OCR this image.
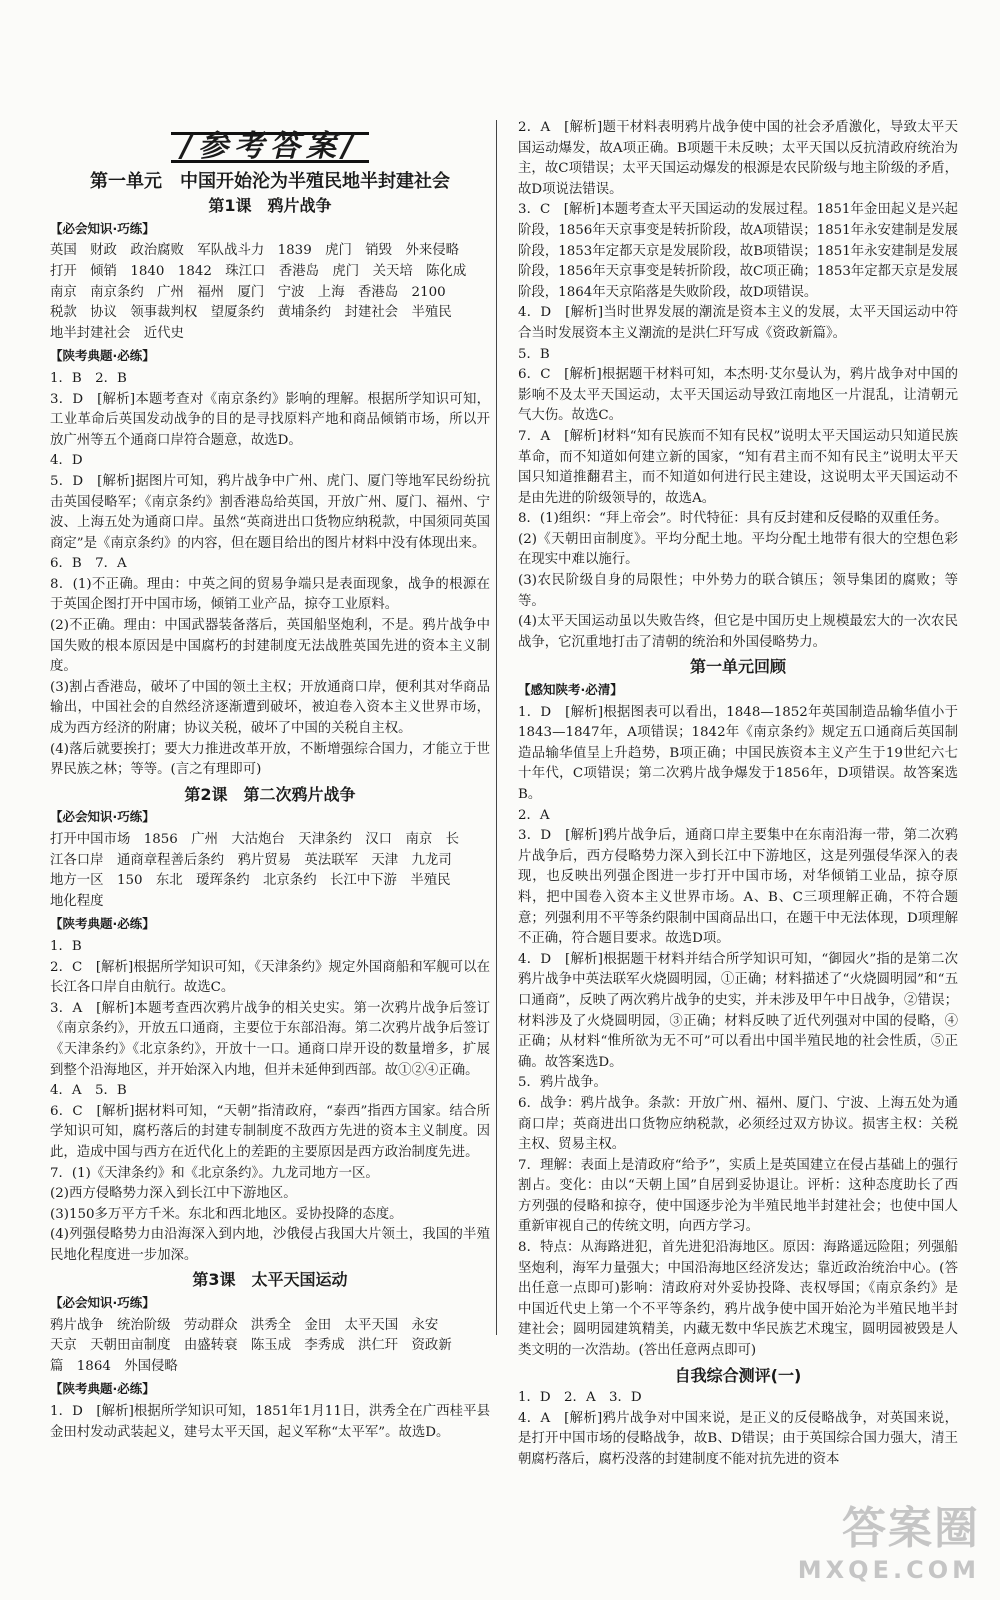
/参考答案/
第一单元　中国开始沦为半殖民地半封建社会
第1课　鸦片战争
【必会知识·巧练】

英国　财政　政治腐败　军队战斗力　1839　虎门　销毁　外来侵略

打开　倾销　1840　1842　珠江口　香港岛　虎门　关天培　陈化成

南京　南京条约　广州　福州　厦门　宁波　上海　香港岛　2100

税款　协议　领事裁判权　望厦条约　黄埔条约　封建社会　半殖民

地半封建社会　近代史

【陕考典题·必练】

1．B　2．B

3．D　[解析]本题考查对《南京条约》影响的理解。根据所学知识可知，工业革命后英国发动战争的目的是寻找原料产地和商品倾销市场，所以开放广州等五个通商口岸符合题意，故选D。

4．D

5．D　[解析]据图片可知，鸦片战争中广州、虎门、厦门等地军民纷纷抗击英国侵略军；《南京条约》割香港岛给英国，开放广州、厦门、福州、宁波、上海五处为通商口岸。虽然“英商进出口货物应纳税款，中国须同英国商定”是《南京条约》的内容，但在题目给出的图片材料中没有体现出来。

6．B　7．A

8．(1)不正确。理由：中英之间的贸易争端只是表面现象，战争的根源在于英国企图打开中国市场，倾销工业产品，掠夺工业原料。

(2)不正确。理由：中国武器装备落后，英国船坚炮利，不是。鸦片战争中国失败的根本原因是中国腐朽的封建制度无法战胜英国先进的资本主义制度。

(3)割占香港岛，破坏了中国的领土主权；开放通商口岸，便利其对华商品输出，中国社会的自然经济逐渐遭到破坏，被迫卷入资本主义世界市场，成为西方经济的附庸；协议关税，破坏了中国的关税自主权。

(4)落后就要挨打；要大力推进改革开放，不断增强综合国力，才能立于世界民族之林；等等。(言之有理即可)

第2课　第二次鸦片战争
【必会知识·巧练】

打开中国市场　1856　广州　大沽炮台　天津条约　汉口　南京　长

江各口岸　通商章程善后条约　鸦片贸易　英法联军　天津　九龙司

地方一区　150　东北　瑷珲条约　北京条约　长江中下游　半殖民

地化程度

【陕考典题·必练】

1．B

2．C　[解析]根据所学知识可知，《天津条约》规定外国商船和军舰可以在长江各口岸自由航行。故选C。

3．A　[解析]本题考查西次鸦片战争的相关史实。第一次鸦片战争后签订《南京条约》，开放五口通商，主要位于东部沿海。第二次鸦片战争后签订《天津条约》《北京条约》，开放十一口。通商口岸开设的数量增多，扩展到整个沿海地区，并开始深入内地，但并未延伸到西部。故①②④正确。

4．A　5．B

6．C　[解析]据材料可知，“天朝”指清政府，“泰西”指西方国家。结合所学知识可知，腐朽落后的封建专制制度不敌西方先进的资本主义制度。因此，造成中国与西方在近代化上的差距的主要原因是西方政治制度先进。

7．(1)《天津条约》和《北京条约》。九龙司地方一区。

(2)西方侵略势力深入到长江中下游地区。

(3)150多万平方千米。东北和西北地区。妥协投降的态度。

(4)列强侵略势力由沿海深入到内地，沙俄侵占我国大片领土，我国的半殖民地化程度进一步加深。

第3课　太平天国运动
【必会知识·巧练】

鸦片战争　统治阶级　劳动群众　洪秀全　金田　太平天国　永安

天京　天朝田亩制度　由盛转衰　陈玉成　李秀成　洪仁玕　资政新

篇　1864　外国侵略

【陕考典题·必练】

1．D　[解析]根据所学知识可知，1851年1月11日，洪秀全在广西桂平县金田村发动武装起义，建号太平天国，起义军称“太平军”。故选D。

2．A　[解析]题干材料表明鸦片战争使中国的社会矛盾激化，导致太平天国运动爆发，故A项正确。B项题干未反映；太平天国以反抗清政府统治为主，故C项错误；太平天国运动爆发的根源是农民阶级与地主阶级的矛盾，故D项说法错误。

3．C　[解析]本题考查太平天国运动的发展过程。1851年金田起义是兴起阶段，1856年天京事变是转折阶段，故A项错误；1851年永安建制是发展阶段，1853年定都天京是发展阶段，故B项错误；1851年永安建制是发展阶段，1856年天京事变是转折阶段，故C项正确；1853年定都天京是发展阶段，1864年天京陷落是失败阶段，故D项错误。

4．D　[解析]当时世界发展的潮流是资本主义的发展，太平天国运动中符合当时发展资本主义潮流的是洪仁玕写成《资政新篇》。

5．B

6．C　[解析]根据题干材料可知，本杰明·艾尔曼认为，鸦片战争对中国的影响不及太平天国运动，太平天国运动导致江南地区一片混乱，让清朝元气大伤。故选C。

7．A　[解析]材料“知有民族而不知有民权”说明太平天国运动只知道民族革命，而不知道如何建立新的国家，“知有君主而不知有民主”说明太平天国只知道推翻君主，而不知道如何进行民主建设，这说明太平天国运动不是由先进的阶级领导的，故选A。

8．(1)组织：“拜上帝会”。时代特征：具有反封建和反侵略的双重任务。

(2)《天朝田亩制度》。平均分配土地。平均分配土地带有很大的空想色彩在现实中难以施行。

(3)农民阶级自身的局限性；中外势力的联合镇压；领导集团的腐败；等等。

(4)太平天国运动虽以失败告终，但它是中国历史上规模最宏大的一次农民战争，它沉重地打击了清朝的统治和外国侵略势力。

第一单元回顾
【感知陕考·必清】

1．D　[解析]根据图表可以看出，1848—1852年英国制造品输华值小于1843—1847年，A项错误；1842年《南京条约》规定五口通商后英国制造品输华值呈上升趋势，B项正确；中国民族资本主义产生于19世纪六七十年代，C项错误；第二次鸦片战争爆发于1856年，D项错误。故答案选B。

2．A

3．D　[解析]鸦片战争后，通商口岸主要集中在东南沿海一带，第二次鸦片战争后，西方侵略势力深入到长江中下游地区，这是列强侵华深入的表现，也反映出列强企图进一步打开中国市场，对华倾销工业品，掠夺原料，把中国卷入资本主义世界市场。A、B、C三项理解正确，不符合题意；列强利用不平等条约限制中国商品出口，在题干中无法体现，D项理解不正确，符合题目要求。故选D项。

4．D　[解析]根据题干材料并结合所学知识可知，“御园火”指的是第二次鸦片战争中英法联军火烧圆明园，①正确；材料描述了“火烧圆明园”和“五口通商”，反映了两次鸦片战争的史实，并未涉及甲午中日战争，②错误；材料涉及了火烧圆明园，③正确；材料反映了近代列强对中国的侵略，④正确；从材料“惟所欲为无不可”可以看出中国半殖民地的社会性质，⑤正确。故答案选D。

5．鸦片战争。

6．战争：鸦片战争。条款：开放广州、福州、厦门、宁波、上海五处为通商口岸；英商进出口货物应纳税款，必须经过双方协议。损害主权：关税主权、贸易主权。

7．理解：表面上是清政府“给予”，实质上是英国建立在侵占基础上的强行割占。变化：由以“天朝上国”自居到妥协退让。评析：这种态度助长了西方列强的侵略和掠夺，使中国逐步沦为半殖民地半封建社会；也使中国人重新审视自己的传统文明，向西方学习。

8．特点：从海路进犯，首先进犯沿海地区。原因：海路遥远险阻；列强船坚炮利，海军力量强大；中国沿海地区经济发达；靠近政治统治中心。(答出任意一点即可)影响：清政府对外妥协投降、丧权辱国；《南京条约》是中国近代史上第一个不平等条约，鸦片战争使中国开始沦为半殖民地半封建社会；圆明园建筑精美，内藏无数中华民族艺术瑰宝，圆明园被毁是人类文明的一次浩劫。(答出任意两点即可)

自我综合测评(一)

1．D　2．A　3．D

4．A　[解析]鸦片战争对中国来说，是正义的反侵略战争，对英国来说，是打开中国市场的侵略战争，故B、D错误；由于英国综合国力强大，清王朝腐朽落后，腐朽没落的封建制度不能对抗先进的资本

答案圈
MXQE.COM
